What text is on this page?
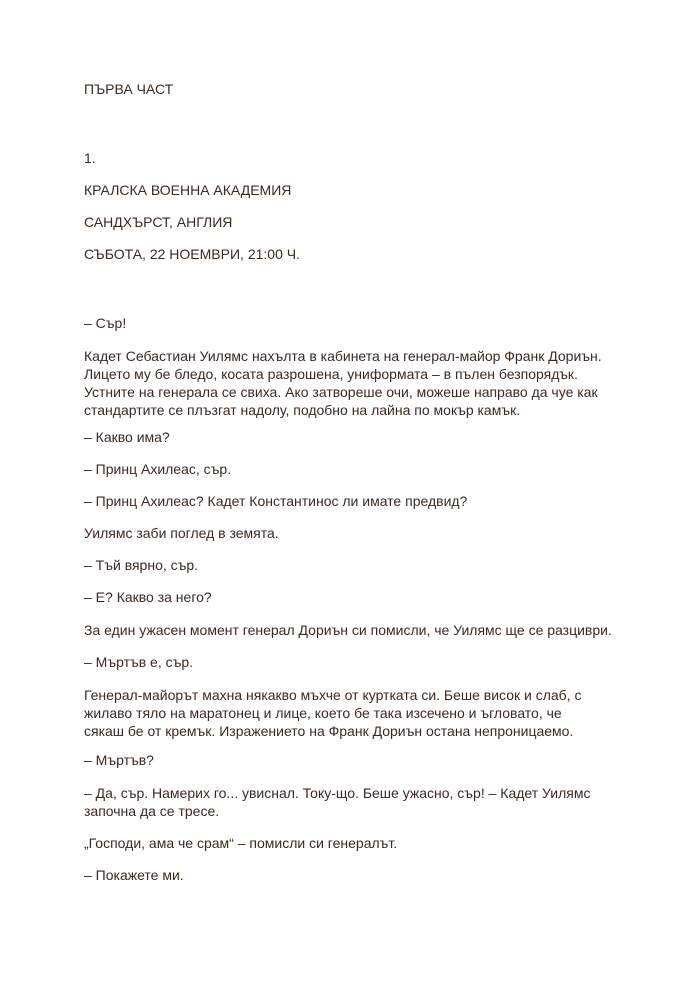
ПЪРВА ЧАСТ

1.

КРАЛСКА ВОЕННА АКАДЕМИЯ

САНДХЪРСТ, АНГЛИЯ

СЪБОТА, 22 НОЕМВРИ, 21:00 Ч.

– Сър!

Кадет Себастиан Уилямс нахълта в кабинета на генерал-майор Франк Дориън.
Лицето му бе бледо, косата разрошена, униформата – в пълен безпорядък.
Устните на генерала се свиха. Ако затвореше очи, можеше направо да чуе как
стандартите се плъзгат надолу, подобно на лайна по мокър камък.

– Какво има?

– Принц Ахилеас, сър.

– Принц Ахилеас? Кадет Константинос ли имате предвид?

Уилямс заби поглед в земята.

– Тъй вярно, сър.

– Е? Какво за него?

За един ужасен момент генерал Дориън си помисли, че Уилямс ще се разциври.

– Мъртъв е, сър.

Генерал-майорът махна някакво мъхче от куртката си. Беше висок и слаб, с
жилаво тяло на маратонец и лице, което бе така изсечено и ъгловато, че
сякаш бе от кремък. Изражението на Франк Дориън остана непроницаемо.

– Мъртъв?

– Да, сър. Намерих го... увиснал. Току-що. Беше ужасно, сър! – Кадет Уилямс
започна да се тресе.

„Господи, ама че срам“ – помисли си генералът.

– Покажете ми.
